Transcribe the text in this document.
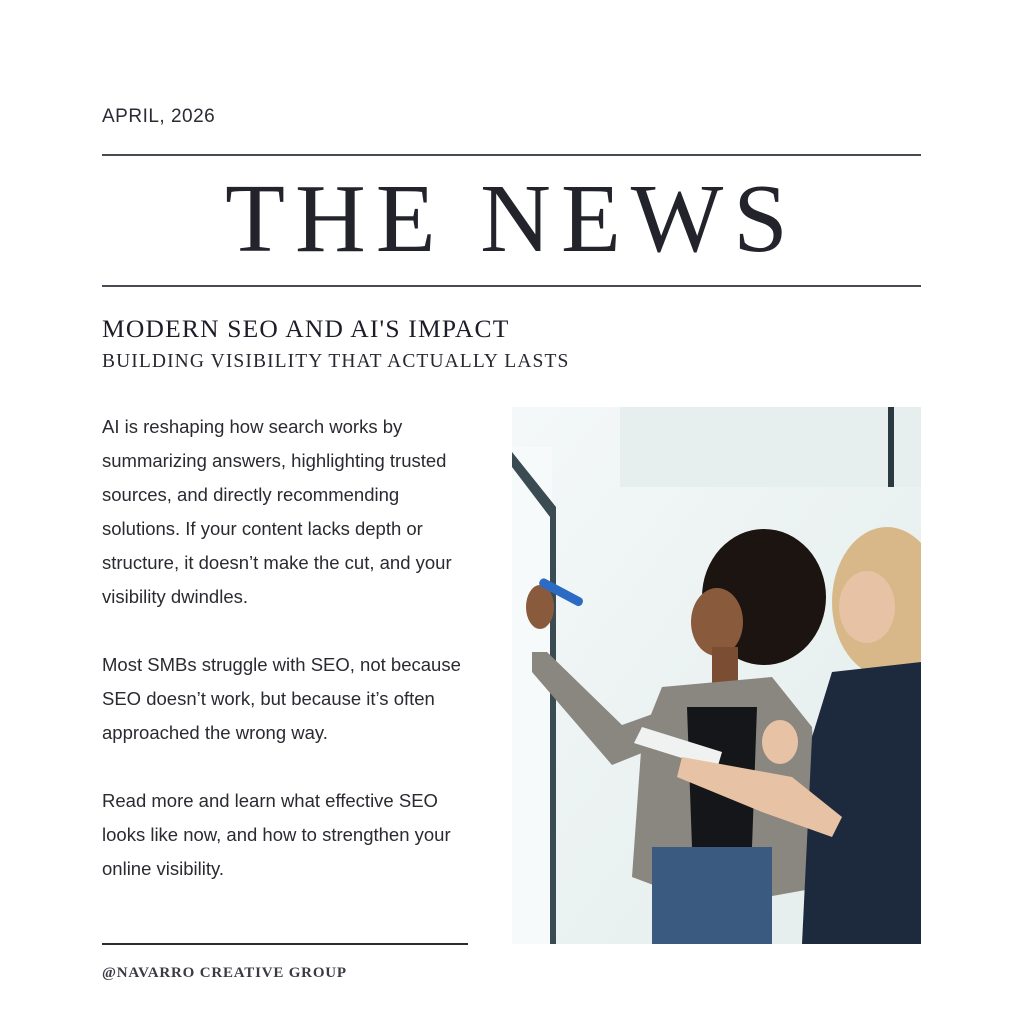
APRIL, 2026
THE NEWS
MODERN SEO AND AI'S IMPACT
BUILDING VISIBILITY THAT ACTUALLY LASTS

AI is reshaping how search works by summarizing answers, highlighting trusted sources, and directly recommending solutions. If your content lacks depth or structure, it doesn’t make the cut, and your visibility dwindles.

Most SMBs struggle with SEO, not because SEO doesn’t work, but because it’s often approached the wrong way.

Read more and learn what effective SEO looks like now, and how to strengthen your online visibility.

@NAVARRO CREATIVE GROUP
